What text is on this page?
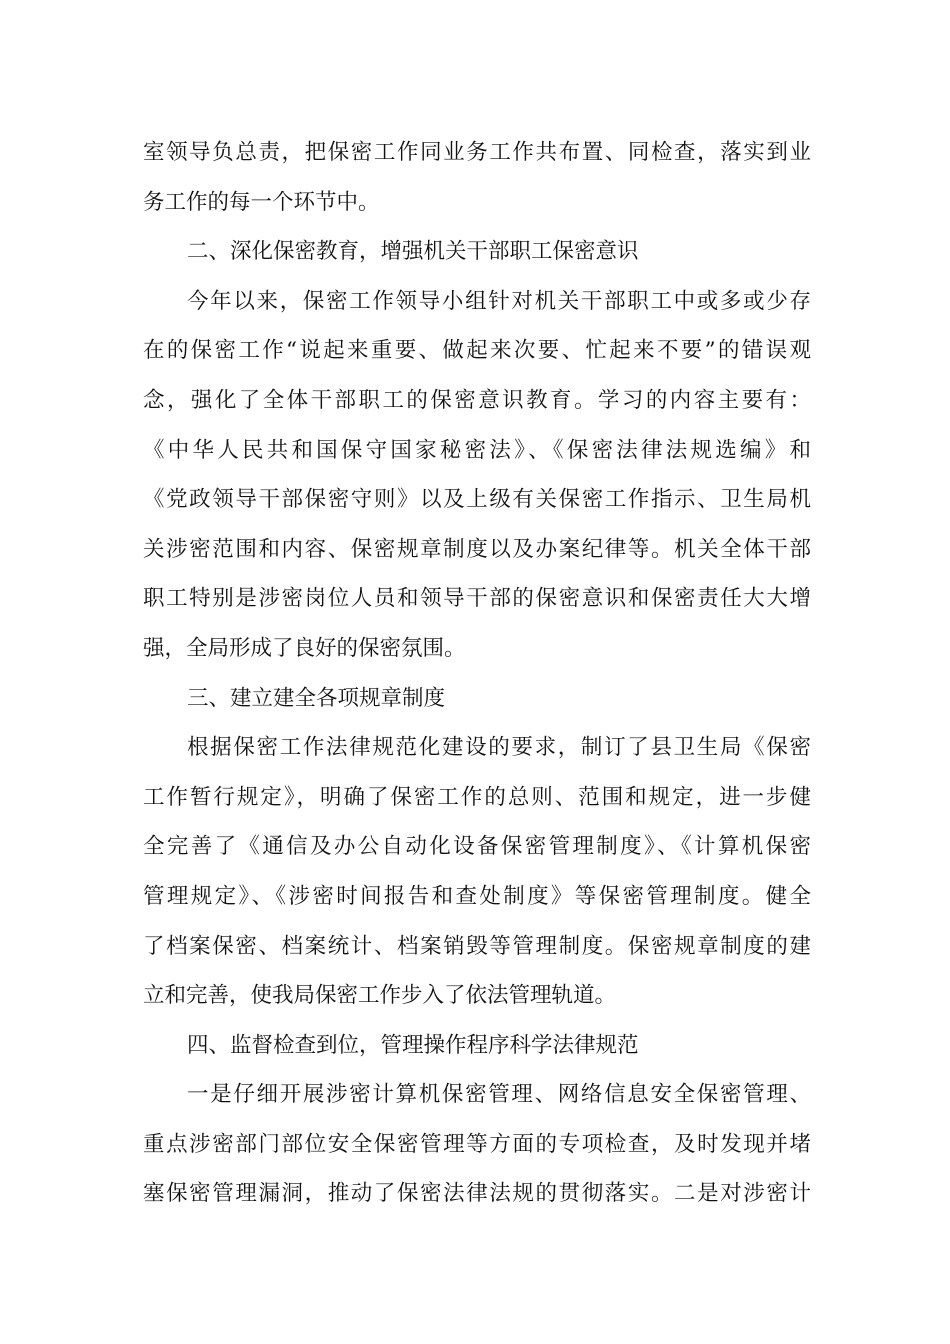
室领导负总责，把保密工作同业务工作共布置、同检查，落实到业
务工作的每一个环节中。
二、深化保密教育，增强机关干部职工保密意识
今年以来，保密工作领导小组针对机关干部职工中或多或少存
在的保密工作“说起来重要、做起来次要、忙起来不要”的错误观
念，强化了全体干部职工的保密意识教育。学习的内容主要有：
《中华人民共和国保守国家秘密法》、《保密法律法规选编》和
《党政领导干部保密守则》以及上级有关保密工作指示、卫生局机
关涉密范围和内容、保密规章制度以及办案纪律等。机关全体干部
职工特别是涉密岗位人员和领导干部的保密意识和保密责任大大增
强，全局形成了良好的保密氛围。
三、建立建全各项规章制度
根据保密工作法律规范化建设的要求，制订了县卫生局《保密
工作暂行规定》，明确了保密工作的总则、范围和规定，进一步健
全完善了《通信及办公自动化设备保密管理制度》、《计算机保密
管理规定》、《涉密时间报告和查处制度》等保密管理制度。健全
了档案保密、档案统计、档案销毁等管理制度。保密规章制度的建
立和完善，使我局保密工作步入了依法管理轨道。
四、监督检查到位，管理操作程序科学法律规范
一是仔细开展涉密计算机保密管理、网络信息安全保密管理、
重点涉密部门部位安全保密管理等方面的专项检查，及时发现并堵
塞保密管理漏洞，推动了保密法律法规的贯彻落实。二是对涉密计
